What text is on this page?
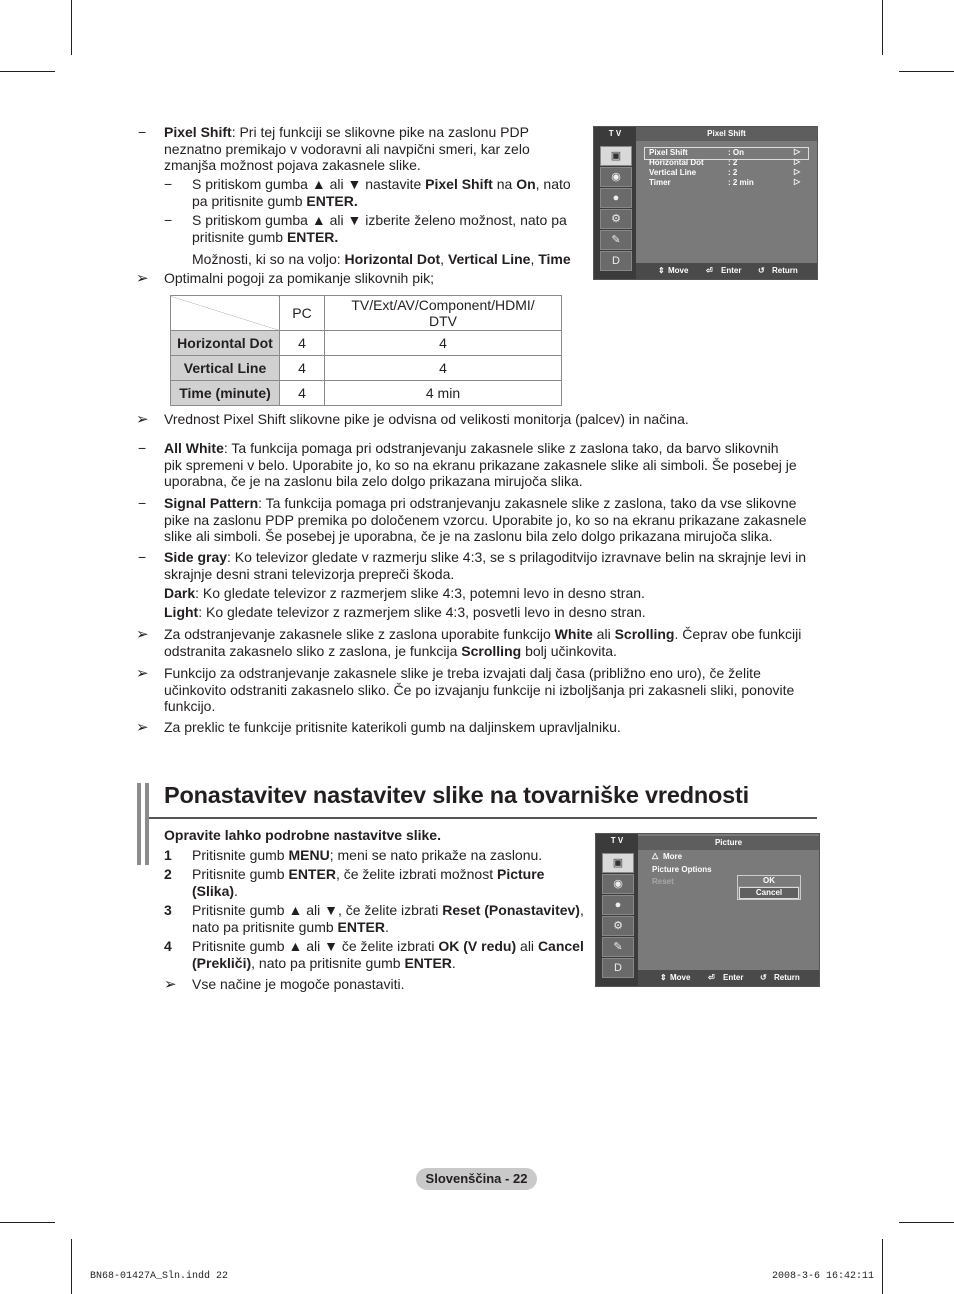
− Pixel Shift: Pri tej funkciji se slikovne pike na zaslonu PDP
neznatno premikajo v vodoravni ali navpični smeri, kar zelo
zmanjša možnost pojava zakasnele slike.
− S pritiskom gumba ▲ ali ▼ nastavite Pixel Shift na On, nato
pa pritisnite gumb ENTER.
− S pritiskom gumba ▲ ali ▼ izberite želeno možnost, nato pa
pritisnite gumb ENTER.
Možnosti, ki so na voljo: Horizontal Dot, Vertical Line, Time
➢ Optimalni pogoji za pomikanje slikovnih pik;
	PC	TV/Ext/AV/Component/HDMI/ DTV
Horizontal Dot	4	4
Vertical Line	4	4
Time (minute)	4	4 min
➢ Vrednost Pixel Shift slikovne pike je odvisna od velikosti monitorja (palcev) in načina.
− All White: Ta funkcija pomaga pri odstranjevanju zakasnele slike z zaslona tako, da barvo slikovnih
pik spremeni v belo. Uporabite jo, ko so na ekranu prikazane zakasnele slike ali simboli. Še posebej je
uporabna, če je na zaslonu bila zelo dolgo prikazana mirujoča slika.
− Signal Pattern: Ta funkcija pomaga pri odstranjevanju zakasnele slike z zaslona, tako da vse slikovne
pike na zaslonu PDP premika po določenem vzorcu. Uporabite jo, ko so na ekranu prikazane zakasnele
slike ali simboli. Še posebej je uporabna, če je na zaslonu bila zelo dolgo prikazana mirujoča slika.
− Side gray: Ko televizor gledate v razmerju slike 4:3, se s prilagoditvijo izravnave belin na skrajnje levi in
skrajnje desni strani televizorja prepreči škoda.
Dark: Ko gledate televizor z razmerjem slike 4:3, potemni levo in desno stran.
Light: Ko gledate televizor z razmerjem slike 4:3, posvetli levo in desno stran.
➢ Za odstranjevanje zakasnele slike z zaslona uporabite funkcijo White ali Scrolling. Čeprav obe funkciji
odstranita zakasnelo sliko z zaslona, je funkcija Scrolling bolj učinkovita.
➢ Funkcijo za odstranjevanje zakasnele slike je treba izvajati dalj časa (približno eno uro), če želite
učinkovito odstraniti zakasnelo sliko. Če po izvajanju funkcije ni izboljšanja pri zakasneli sliki, ponovite
funkcijo.
➢ Za preklic te funkcije pritisnite katerikoli gumb na daljinskem upravljalniku.
Ponastavitev nastavitev slike na tovarniške vrednosti
Opravite lahko podrobne nastavitve slike.
1 Pritisnite gumb MENU; meni se nato prikaže na zaslonu.
2 Pritisnite gumb ENTER, če želite izbrati možnost Picture
(Slika).
3 Pritisnite gumb ▲ ali ▼, če želite izbrati Reset (Ponastavitev),
nato pa pritisnite gumb ENTER.
4 Pritisnite gumb ▲ ali ▼ če želite izbrati OK (V redu) ali Cancel
(Prekliči), nato pa pritisnite gumb ENTER.
➢ Vse načine je mogoče ponastaviti.
T V	Pixel Shift
▣
◉
●
⚙
✎
D
Pixel Shift	: On	▷
Horizontal Dot	: 2	▷
Vertical Line	: 2	▷
Timer	: 2 min	▷
⇕ Move ⏎ Enter ↺ Return
T V	Picture
▣
◉
●
⚙
✎
D
△ More
Picture Options
Reset	OK
Cancel
⇕ Move ⏎ Enter ↺ Return
Slovenščina - 22
BN68-01427A_Sln.indd 22	2008-3-6 16:42:11
